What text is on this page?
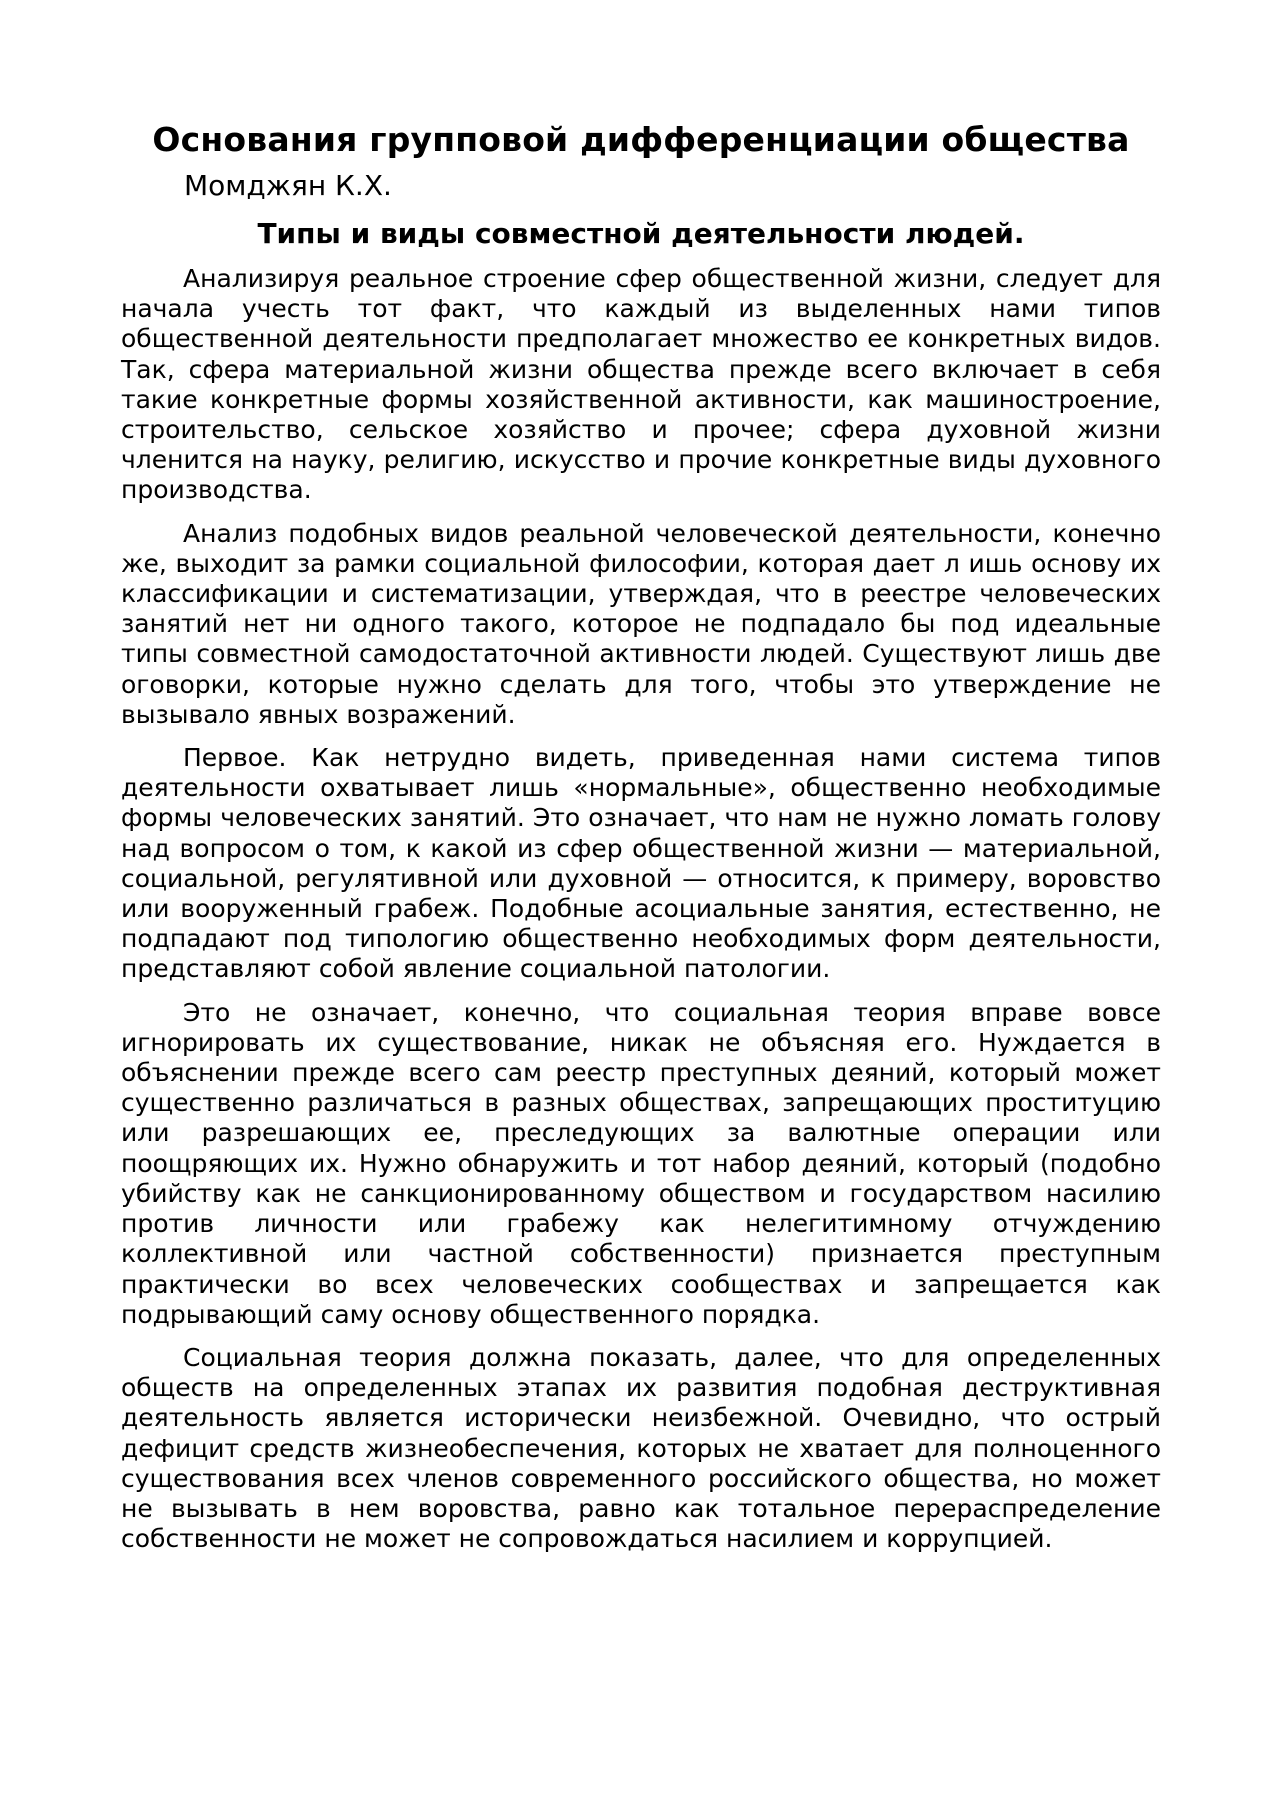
Основания групповой дифференциации общества
Момджян К.Х.
Типы и виды совместной деятельности людей.

Анализируя реальное строение сфер общественной жизни, следует для начала учесть тот факт, что каждый из выделенных нами типов общественной деятельности предполагает множество ее конкретных видов. Так, сфера материальной жизни общества прежде всего включает в себя такие конкретные формы хозяйственной активности, как машиностроение, строительство, сельское хозяйство и прочее; сфера духовной жизни членится на науку, религию, искусство и прочие конкретные виды духовного производства.

Анализ подобных видов реальной человеческой деятельности, конечно же, выходит за рамки социальной философии, которая дает л ишь основу их классификации и систематизации, утверждая, что в реестре человеческих занятий нет ни одного такого, которое не подпадало бы под идеальные типы совместной самодостаточной активности людей. Существуют лишь две оговорки, которые нужно сделать для того, чтобы это утверждение не вызывало явных возражений.

Первое. Как нетрудно видеть, приведенная нами система типов деятельности охватывает лишь «нормальные», общественно необходимые формы человеческих занятий. Это означает, что нам не нужно ломать голову над вопросом о том, к какой из сфер общественной жизни — материальной, социальной, регулятивной или духовной — относится, к примеру, воровство или вооруженный грабеж. Подобные асоциальные занятия, естественно, не подпадают под типологию общественно необходимых форм деятельности, представляют собой явление социальной патологии.

Это не означает, конечно, что социальная теория вправе вовсе игнорировать их существование, никак не объясняя его. Нуждается в объяснении прежде всего сам реестр преступных деяний, который может существенно различаться в разных обществах, запрещающих проституцию или разрешающих ее, преследующих за валютные операции или поощряющих их. Нужно обнаружить и тот набор деяний, который (подобно убийству как не санкционированному обществом и государством насилию против личности или грабежу как нелегитимному отчуждению коллективной или частной собственности) признается преступным практически во всех человеческих сообществах и запрещается как подрывающий саму основу общественного порядка.

Социальная теория должна показать, далее, что для определенных обществ на определенных этапах их развития подобная деструктивная деятельность является исторически неизбежной. Очевидно, что острый дефицит средств жизнеобеспечения, которых не хватает для полноценного существования всех членов современного российского общества, но может не вызывать в нем воровства, равно как тотальное перераспределение собственности не может не сопровождаться насилием и коррупцией.
